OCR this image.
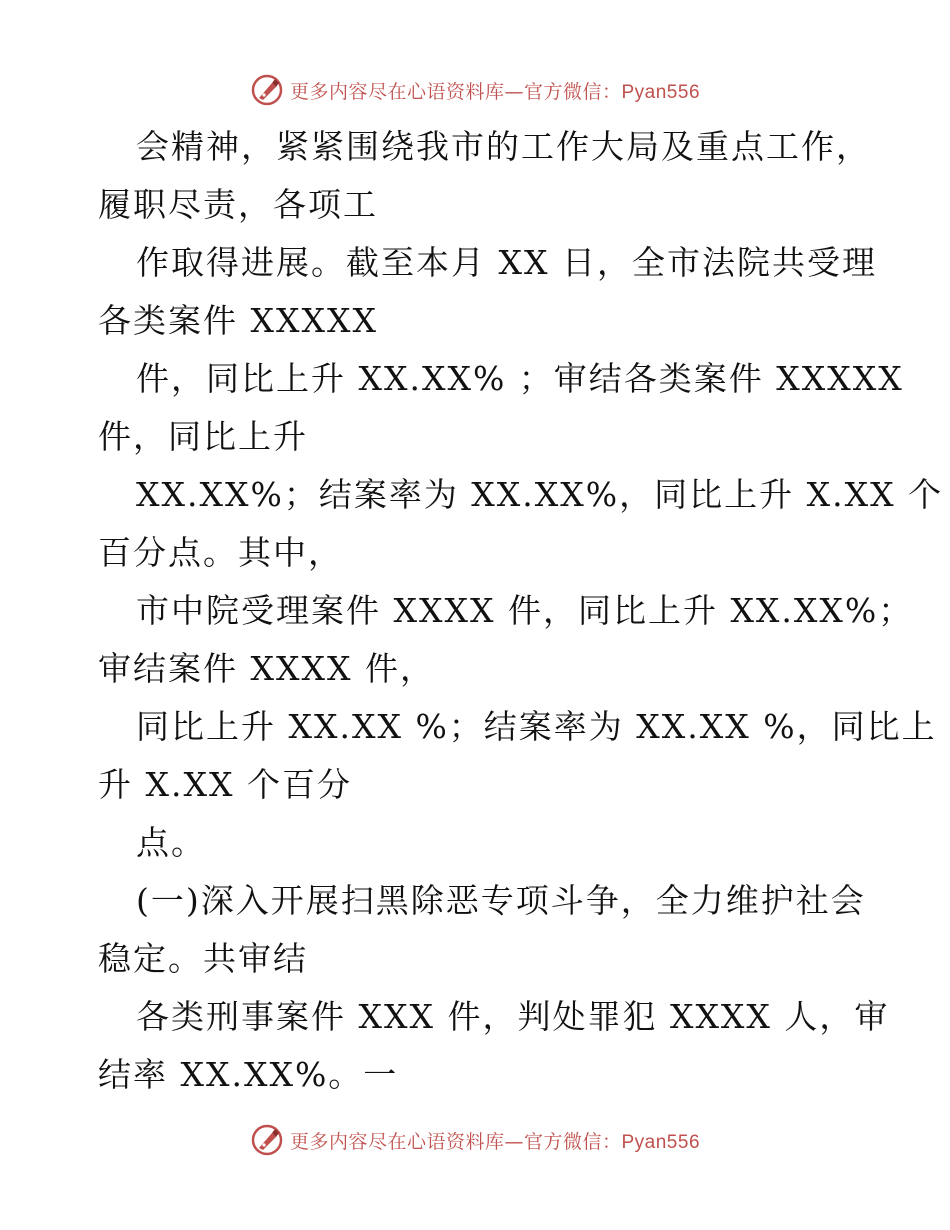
更多内容尽在心语资料库—官方微信：Pyan556
会精神，紧紧围绕我市的工作大局及重点工作，
履职尽责，各项工
作取得进展。截至本月 XX 日，全市法院共受理
各类案件 XXXXX
件，同比上升 XX.XX% ；审结各类案件 XXXXX
件，同比上升
XX.XX%；结案率为 XX.XX%，同比上升 X.XX 个
百分点。其中，
市中院受理案件 XXXX 件，同比上升 XX.XX%；
审结案件 XXXX 件，
同比上升 XX.XX %；结案率为 XX.XX %，同比上
升 X.XX 个百分
点。
(一)深入开展扫黑除恶专项斗争，全力维护社会
稳定。共审结
各类刑事案件 XXX 件，判处罪犯 XXXX 人，审
结率 XX.XX%。一
更多内容尽在心语资料库—官方微信：Pyan556
